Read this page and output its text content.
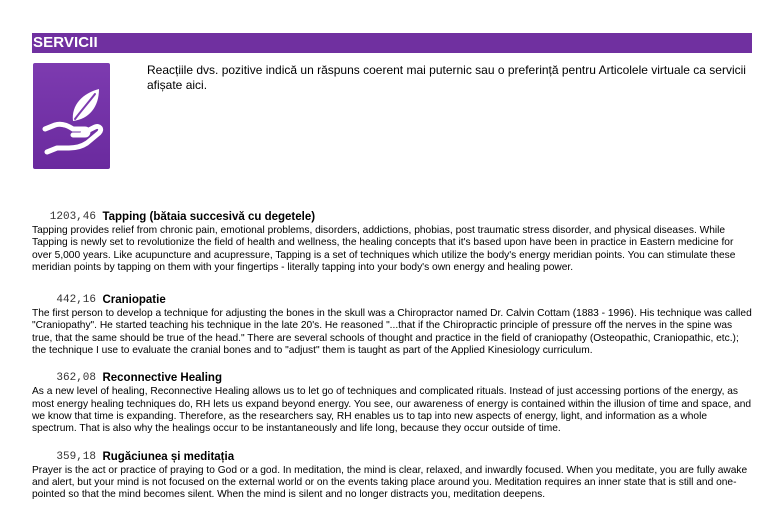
SERVICII
Reacțiile dvs. pozitive indică un răspuns coerent mai puternic sau o preferință pentru Articolele virtuale ca servicii afișate aici.
1203,46 $^{Tapping (bătaia succesivă cu degetele)}$

Tapping provides relief from chronic pain, emotional problems, disorders, addictions, phobias, post traumatic stress disorder, and physical diseases. While Tapping is newly set to revolutionize the field of health and wellness, the healing concepts that it's based upon have been in practice in Eastern medicine for over 5,000 years. Like acupuncture and acupressure, Tapping is a set of techniques which utilize the body's energy meridian points. You can stimulate these meridian points by tapping on them with your fingertips - literally tapping into your body's own energy and healing power.

442,16 $^{Craniopatie}$

The first person to develop a technique for adjusting the bones in the skull was a Chiropractor named Dr. Calvin Cottam (1883 - 1996). His technique was called "Craniopathy". He started teaching his technique in the late 20's. He reasoned "...that if the Chiropractic principle of pressure off the nerves in the spine was true, that the same should be true of the head." There are several schools of thought and practice in the field of craniopathy (Osteopathic, Craniopathic, etc.); the technique I use to evaluate the cranial bones and to "adjust" them is taught as part of the Applied Kinesiology curriculum.

362,08 $^{Reconnective Healing}$

As a new level of healing, Reconnective Healing allows us to let go of techniques and complicated rituals. Instead of just accessing portions of the energy, as most energy healing techniques do, RH lets us expand beyond energy. You see, our awareness of energy is contained within the illusion of time and space, and we know that time is expanding. Therefore, as the researchers say, RH enables us to tap into new aspects of energy, light, and information as a whole spectrum. That is also why the healings occur to be instantaneously and life long, because they occur outside of time.

359,18 $^{Rugăciunea și meditația}$

Prayer is the act or practice of praying to God or a god. In meditation, the mind is clear, relaxed, and inwardly focused. When you meditate, you are fully awake and alert, but your mind is not focused on the external world or on the events taking place around you. Meditation requires an inner state that is still and one-pointed so that the mind becomes silent. When the mind is silent and no longer distracts you, meditation deepens.
